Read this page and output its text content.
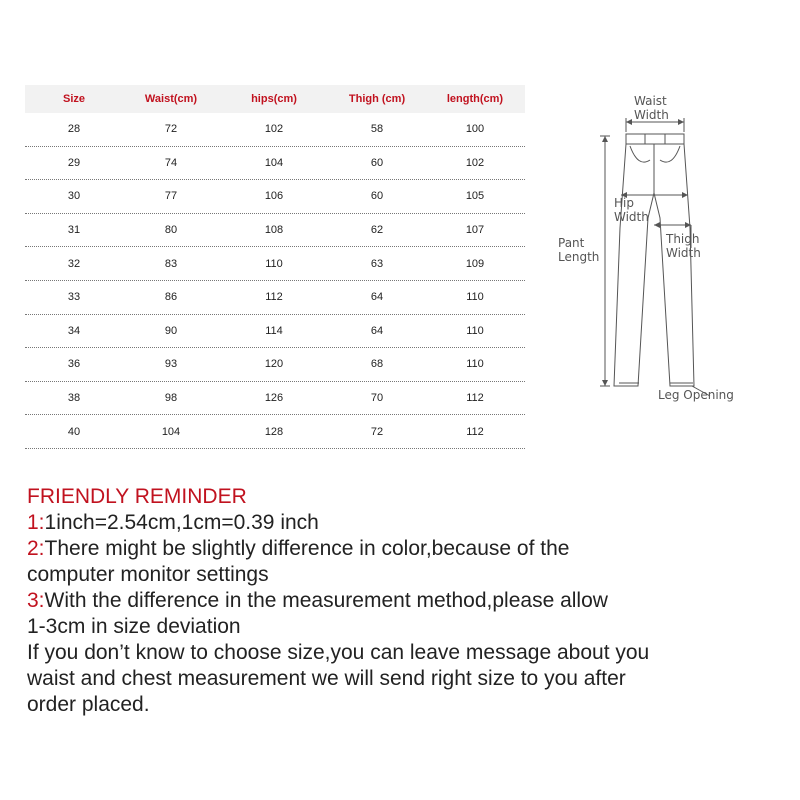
Size	Waist(cm)	hips(cm)	Thigh (cm)	length(cm)
28	72	102	58	100
29	74	104	60	102
30	77	106	60	105
31	80	108	62	107
32	83	110	63	109
33	86	112	64	110
34	90	114	64	110
36	93	120	68	110
38	98	126	70	112
40	104	128	72	112
Waist
Width
Hip
Width
Pant
Length
Thigh
Width
Leg Opening
FRIENDLY REMINDER
1:1inch=2.54cm,1cm=0.39 inch
2:There might be slightly difference in color,because of the
computer monitor settings
3:With the difference in the measurement method,please allow
1-3cm in size deviation
If you don’t know to choose size,you can leave message about you
waist and chest measurement we will send right size to you after
order placed.
